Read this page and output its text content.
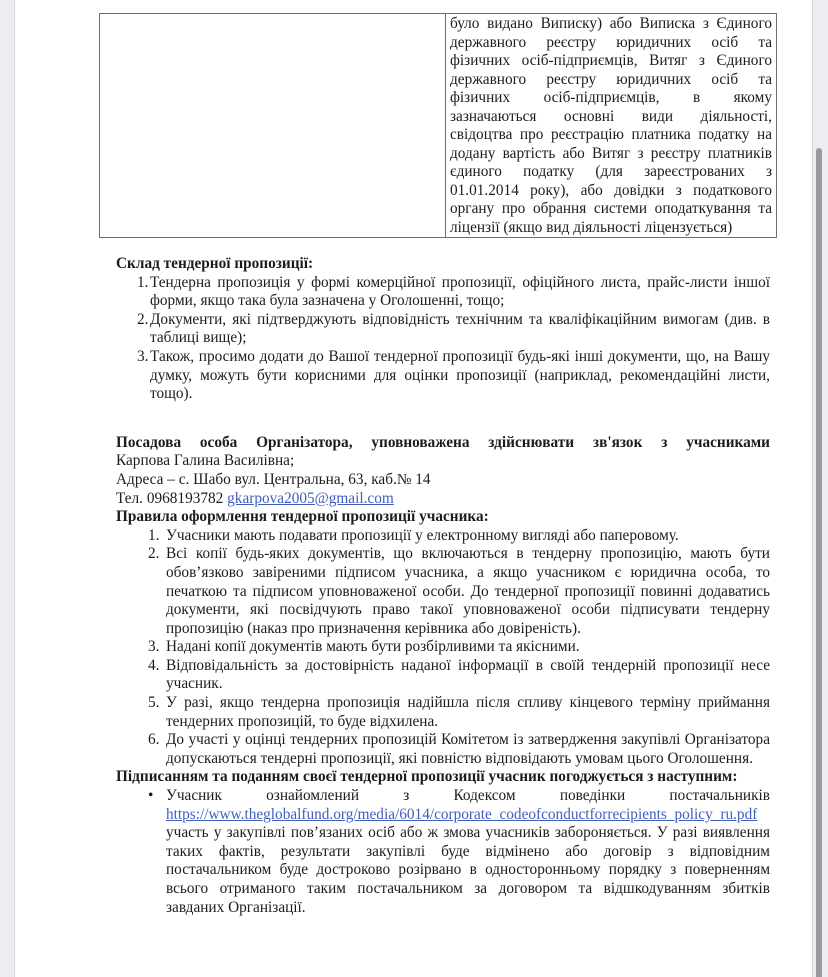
було видано Виписку) або Виписка з Єдиного
державного реєстру юридичних осіб та
фізичних осіб-підприємців, Витяг з Єдиного
державного реєстру юридичних осіб та
фізичних осіб-підприємців, в якому
зазначаються основні види діяльності,
свідоцтва про реєстрацію платника податку на
додану вартість або Витяг з реєстру платників
єдиного податку (для зареєстрованих з
01.01.2014 року), або довідки з податкового
органу про обрання системи оподаткування та
ліцензії (якщо вид діяльності ліцензується)
Склад тендерної пропозиції:
1. Тендерна пропозиція у формі комерційної пропозиції, офіційного листа, прайс-листи іншої форми, якщо така була зазначена у Оголошенні, тощо;
2. Документи, які підтверджують відповідність технічним та кваліфікаційним вимогам (див. в таблиці вище);
3. Також, просимо додати до Вашої тендерної пропозиції будь-які інші документи, що, на Вашу думку, можуть бути корисними для оцінки пропозиції (наприклад, рекомендаційні листи, тощо).
Посадова особа Організатора, уповноважена здійснювати зв'язок з учасниками
Карпова Галина Василівна;
Адреса – с. Шабо вул. Центральна, 63, каб.№ 14
Тел. 0968193782 gkarpova2005@gmail.com
Правила оформлення тендерної пропозиції учасника:
1. Учасники мають подавати пропозиції у електронному вигляді або паперовому.
2. Всі копії будь-яких документів, що включаються в тендерну пропозицію, мають бути обов’язково завіреними підписом учасника, а якщо учасником є юридична особа, то печаткою та підписом уповноваженої особи. До тендерної пропозиції повинні додаватись документи, які посвідчують право такої уповноваженої особи підписувати тендерну пропозицію (наказ про призначення керівника або довіреність).
3. Надані копії документів мають бути розбірливими та якісними.
4. Відповідальність за достовірність наданої інформації в своїй тендерній пропозиції несе учасник.
5. У разі, якщо тендерна пропозиція надійшла після спливу кінцевого терміну приймання тендерних пропозицій, то буде відхилена.
6. До участі у оцінці тендерних пропозицій Комітетом із затвердження закупівлі Організатора допускаються тендерні пропозиції, які повністю відповідають умовам цього Оголошення.
Підписанням та поданням своєї тендерної пропозиції учасник погоджується з наступним:
• Учасник ознайомлений з Кодексом поведінки постачальників
https://www.theglobalfund.org/media/6014/corporate_codeofconductforrecipients_policy_ru.pdf участь у закупівлі пов’язаних осіб або ж змова учасників забороняється. У разі виявлення таких фактів, результати закупівлі буде відмінено або договір з відповідним постачальником буде достроково розірвано в односторонньому порядку з поверненням всього отриманого таким постачальником за договором та відшкодуванням збитків завданих Організації.
